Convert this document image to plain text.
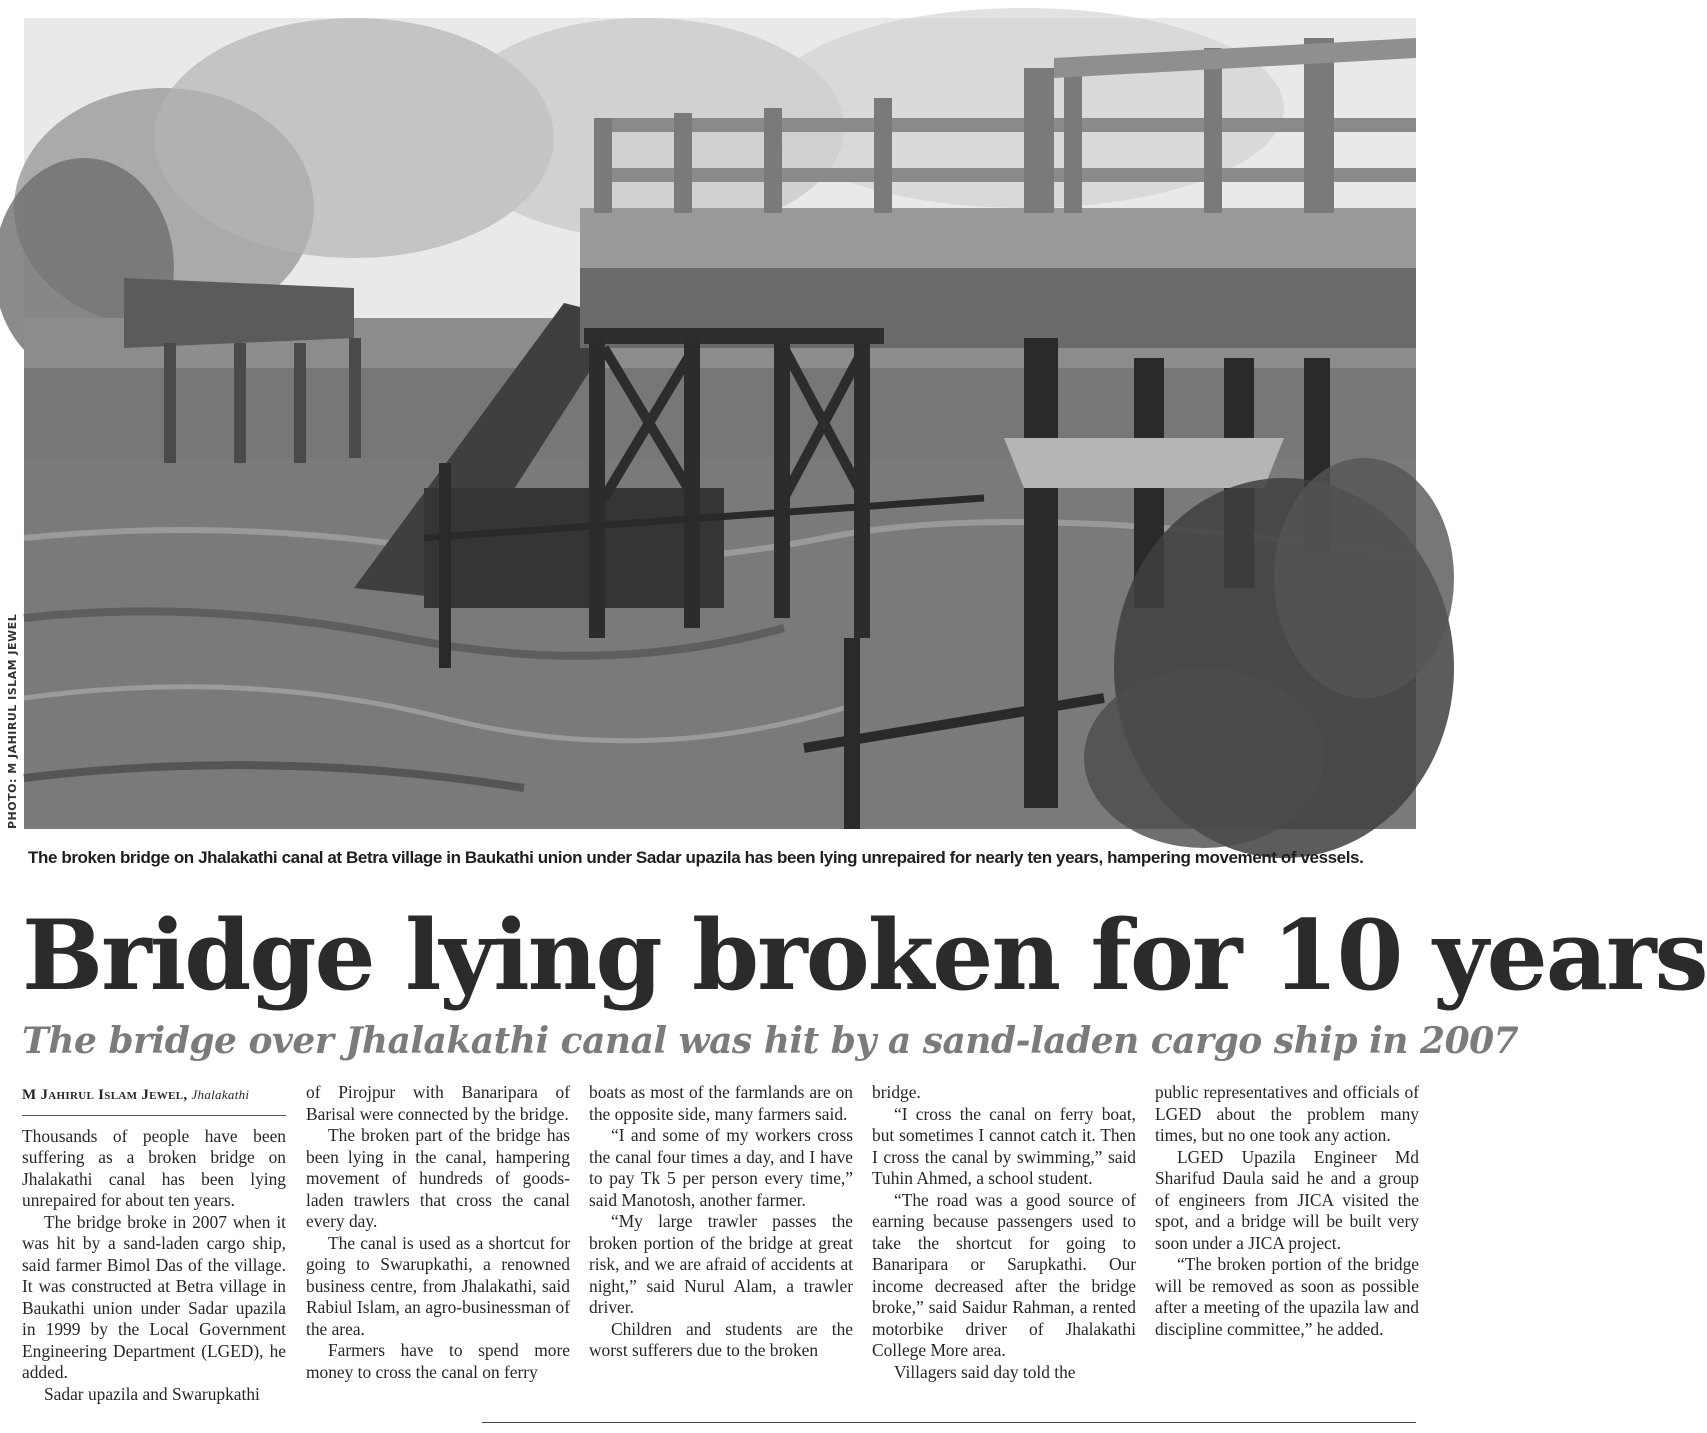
PHOTO: M JAHIRUL ISLAM JEWEL
The broken bridge on Jhalakathi canal at Betra village in Baukathi union under Sadar upazila has been lying unrepaired for nearly ten years, hampering movement of vessels.
Bridge lying broken for 10 years
The bridge over Jhalakathi canal was hit by a sand-laden cargo ship in 2007
M Jahirul Islam Jewel, Jhalakathi

Thousands of people have been suffering as a broken bridge on Jhalakathi canal has been lying unrepaired for about ten years.

The bridge broke in 2007 when it was hit by a sand-laden cargo ship, said farmer Bimol Das of the village. It was constructed at Betra village in Baukathi union under Sadar upazila in 1999 by the Local Government Engineering Department (LGED), he added.

Sadar upazila and Swarupkathi

of Pirojpur with Banaripara of Barisal were connected by the bridge.

The broken part of the bridge has been lying in the canal, hampering movement of hundreds of goods-laden trawlers that cross the canal every day.

The canal is used as a shortcut for going to Swarupkathi, a renowned business centre, from Jhalakathi, said Rabiul Islam, an agro-businessman of the area.

Farmers have to spend more money to cross the canal on ferry

boats as most of the farmlands are on the opposite side, many farmers said.

“I and some of my workers cross the canal four times a day, and I have to pay Tk 5 per person every time,” said Manotosh, another farmer.

“My large trawler passes the broken portion of the bridge at great risk, and we are afraid of accidents at night,” said Nurul Alam, a trawler driver.

Children and students are the worst sufferers due to the broken

bridge.

“I cross the canal on ferry boat, but sometimes I cannot catch it. Then I cross the canal by swimming,” said Tuhin Ahmed, a school student.

“The road was a good source of earning because passengers used to take the shortcut for going to Banaripara or Sarupkathi. Our income decreased after the bridge broke,” said Saidur Rahman, a rented motorbike driver of Jhalakathi College More area.

Villagers said day told the

public representatives and officials of LGED about the problem many times, but no one took any action.

LGED Upazila Engineer Md Sharifud Daula said he and a group of engineers from JICA visited the spot, and a bridge will be built very soon under a JICA project.

“The broken portion of the bridge will be removed as soon as possible after a meeting of the upazila law and discipline committee,” he added.
